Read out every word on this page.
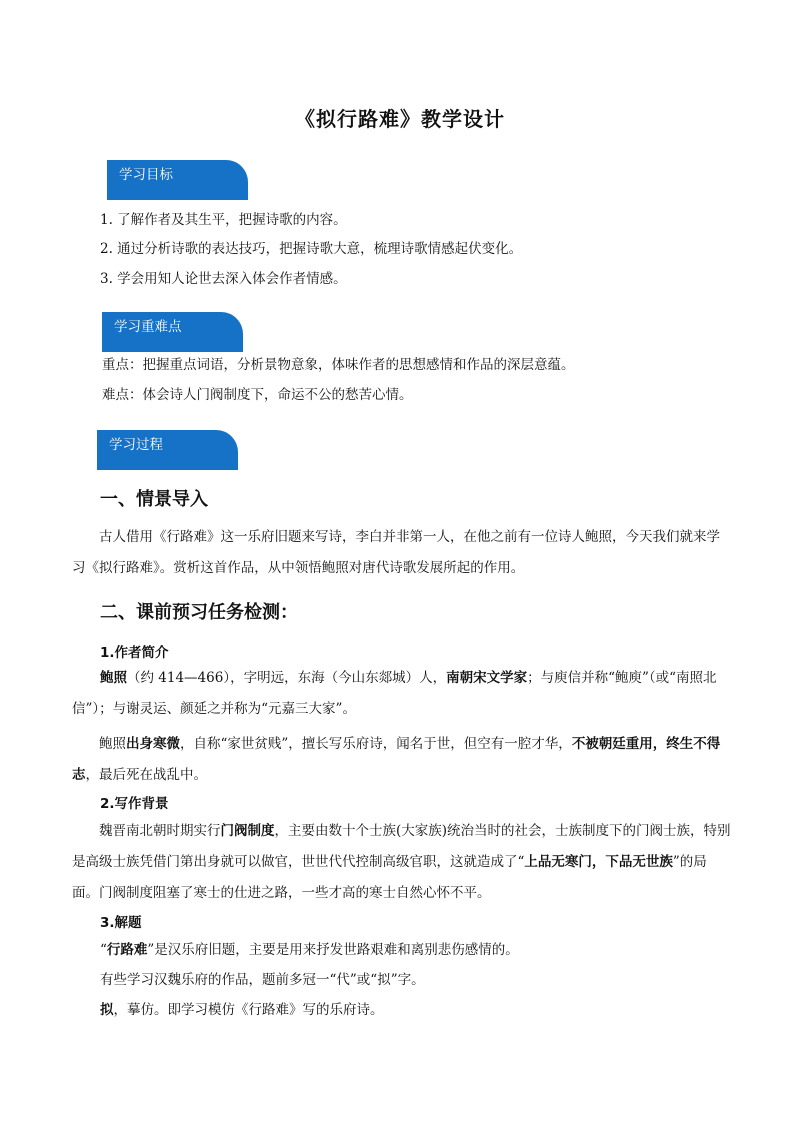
《拟行路难》教学设计
学习目标
1. 了解作者及其生平，把握诗歌的内容。
2. 通过分析诗歌的表达技巧，把握诗歌大意，梳理诗歌情感起伏变化。
3. 学会用知人论世去深入体会作者情感。
学习重难点
重点：把握重点词语，分析景物意象，体味作者的思想感情和作品的深层意蕴。
难点：体会诗人门阀制度下，命运不公的愁苦心情。
学习过程
一、情景导入
古人借用《行路难》这一乐府旧题来写诗，李白并非第一人，在他之前有一位诗人鲍照，今天我们就来学习《拟行路难》。赏析这首作品，从中领悟鲍照对唐代诗歌发展所起的作用。
二、课前预习任务检测：
1.作者简介
鲍照（约 414—466），字明远，东海（今山东郯城）人，南朝宋文学家；与庾信并称“鲍庾”（或“南照北信”）；与谢灵运、颜延之并称为“元嘉三大家”。
鲍照出身寒微，自称“家世贫贱”，擅长写乐府诗，闻名于世，但空有一腔才华，不被朝廷重用，终生不得志，最后死在战乱中。
2.写作背景
魏晋南北朝时期实行门阀制度，主要由数十个士族(大家族)统治当时的社会，士族制度下的门阀士族，特别是高级士族凭借门第出身就可以做官，世世代代控制高级官职，这就造成了“上品无寒门，下品无世族”的局面。门阀制度阻塞了寒士的仕进之路，一些才高的寒士自然心怀不平。
3.解题
“行路难”是汉乐府旧题，主要是用来抒发世路艰难和离别悲伤感情的。
有些学习汉魏乐府的作品，题前多冠一“代”或“拟”字。
拟，摹仿。即学习模仿《行路难》写的乐府诗。
